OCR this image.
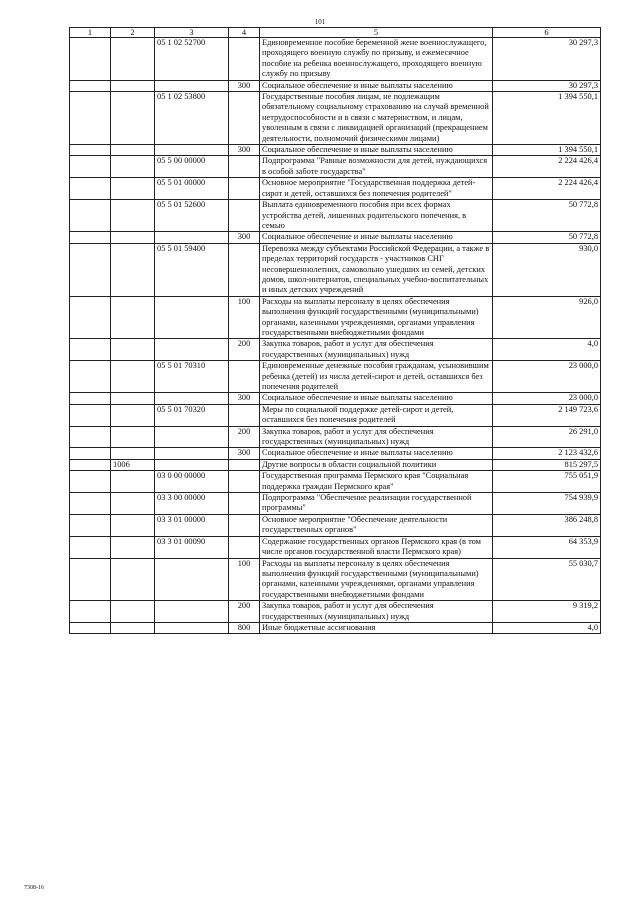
101
1	2	3	4	5	6
		05 1 02 52700		Единовременное пособие беременной жене военнослужащего, проходящего военную службу по призыву, и ежемесячное пособие на ребенка военнослужащего, проходящего военную службу по призыву	30 297,3
			300	Социальное обеспечение и иные выплаты населению	30 297,3
		05 1 02 53800		Государственные пособия лицам, не подлежащим обязательному социальному страхованию на случай временной нетрудоспособности и в связи с материнством, и лицам, уволенным в связи с ликвидацией организаций (прекращением деятельности, полномочий физическими лицами)	1 394 550,1
			300	Социальное обеспечение и иные выплаты населению	1 394 550,1
		05 5 00 00000		Подпрограмма "Равные возможности для детей, нуждающихся в особой заботе государства"	2 224 426,4
		05 5 01 00000		Основное мероприятие "Государственная поддержка детей-сирот и детей, оставшихся без попечения родителей"	2 224 426,4
		05 5 01 52600		Выплата единовременного пособия при всех формах устройства детей, лишенных родительского попечения, в семью	50 772,8
			300	Социальное обеспечение и иные выплаты населению	50 772,8
		05 5 01 59400		Перевозка между субъектами Российской Федерации, а также в пределах территорий государств - участников СНГ несовершеннолетних, самовольно ушедших из семей, детских домов, школ-интернатов, специальных учебно-воспитательных и иных детских учреждений	930,0
			100	Расходы на выплаты персоналу в целях обеспечения выполнения функций государственными (муниципальными) органами, казенными учреждениями, органами управления государственными внебюджетными фондами	926,0
			200	Закупка товаров, работ и услуг для обеспечения государственных (муниципальных) нужд	4,0
		05 5 01 70310		Единовременные денежные пособия гражданам, усыновившим ребенка (детей) из числа детей-сирот и детей, оставшихся без попечения родителей	23 000,0
			300	Социальное обеспечение и иные выплаты населению	23 000,0
		05 5 01 70320		Меры по социальной поддержке детей-сирот и детей, оставшихся без попечения родителей	2 149 723,6
			200	Закупка товаров, работ и услуг для обеспечения государственных (муниципальных) нужд	26 291,0
			300	Социальное обеспечение и иные выплаты населению	2 123 432,6
	1006			Другие вопросы в области социальной политики	815 297,5
		03 0 00 00000		Государственная программа Пермского края "Социальная поддержка граждан Пермского края"	755 051,9
		03 3 00 00000		Подпрограмма "Обеспечение реализации государственной программы"	754 939,9
		03 3 01 00000		Основное мероприятие "Обеспечение деятельности государственных органов"	386 248,8
		03 3 01 00090		Содержание государственных органов Пермского края (в том числе органов государственной власти Пермского края)	64 353,9
			100	Расходы на выплаты персоналу в целях обеспечения выполнения функций государственными (муниципальными) органами, казенными учреждениями, органами управления государственными внебюджетными фондами	55 030,7
			200	Закупка товаров, работ и услуг для обеспечения государственных (муниципальных) нужд	9 319,2
			800	Иные бюджетные ассигнования	4,0
7308-16
